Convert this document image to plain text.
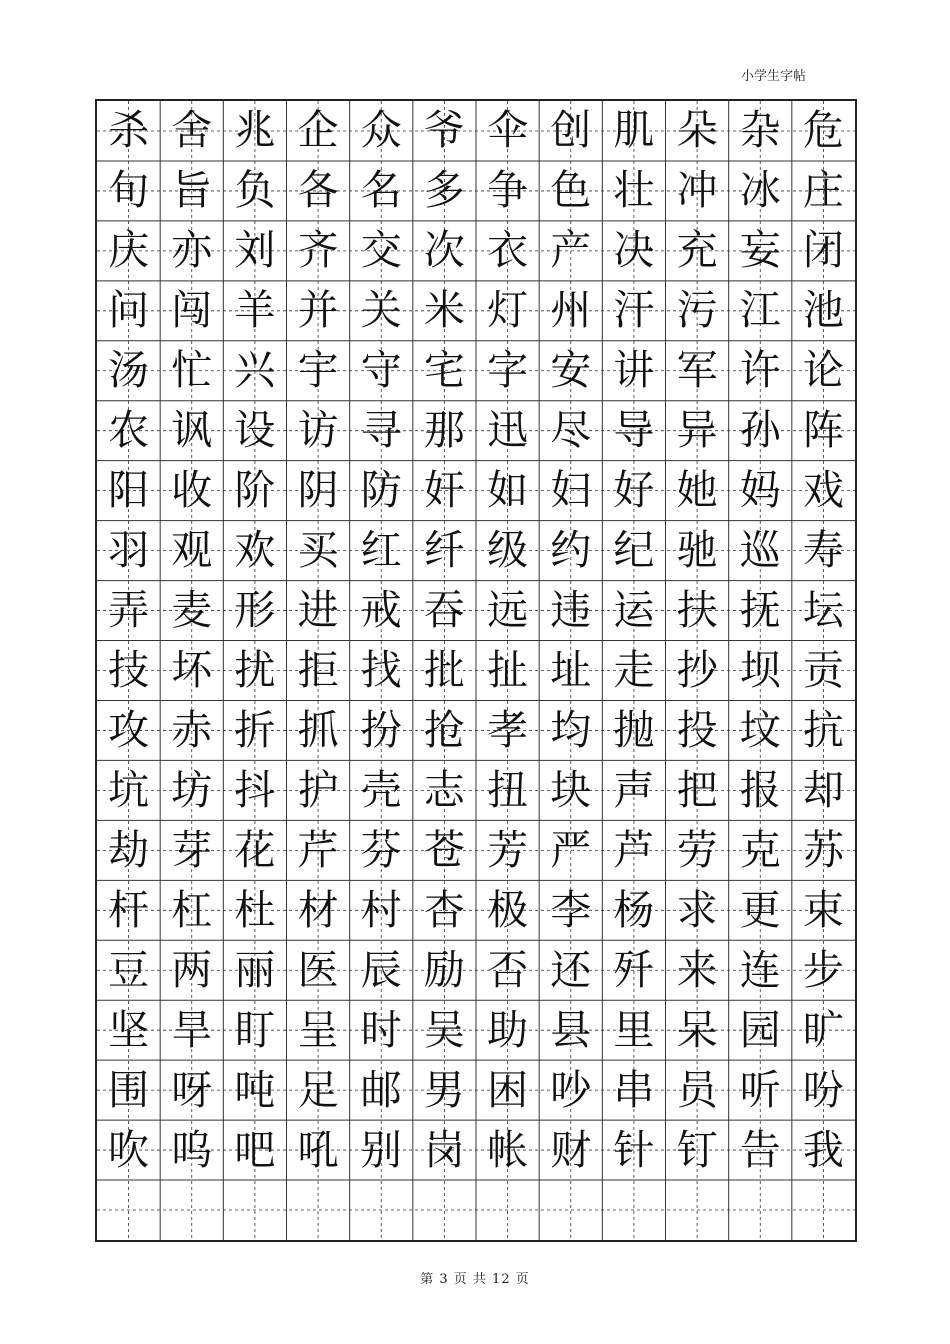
小学生字帖
杀 舍 兆 企 众 爷 伞 创 肌 朵 杂 危
旬 旨 负 各 名 多 争 色 壮 冲 冰 庄
庆 亦 刘 齐 交 次 衣 产 决 充 妄 闭
问 闯 羊 并 关 米 灯 州 汗 污 江 池
汤 忙 兴 宇 守 宅 字 安 讲 军 许 论
农 讽 设 访 寻 那 迅 尽 导 异 孙 阵
阳 收 阶 阴 防 奸 如 妇 好 她 妈 戏
羽 观 欢 买 红 纤 级 约 纪 驰 巡 寿
弄 麦 形 进 戒 吞 远 违 运 扶 抚 坛
技 坏 扰 拒 找 批 扯 址 走 抄 坝 贡
攻 赤 折 抓 扮 抢 孝 均 抛 投 坟 抗
坑 坊 抖 护 壳 志 扭 块 声 把 报 却
劫 芽 花 芹 芬 苍 芳 严 芦 劳 克 苏
杆 杠 杜 材 村 杏 极 李 杨 求 更 束
豆 两 丽 医 辰 励 否 还 歼 来 连 步
坚 旱 盯 呈 时 吴 助 县 里 呆 园 旷
围 呀 吨 足 邮 男 困 吵 串 员 听 吩
吹 呜 吧 吼 别 岗 帐 财 针 钉 告 我
第 3 页 共 12 页
